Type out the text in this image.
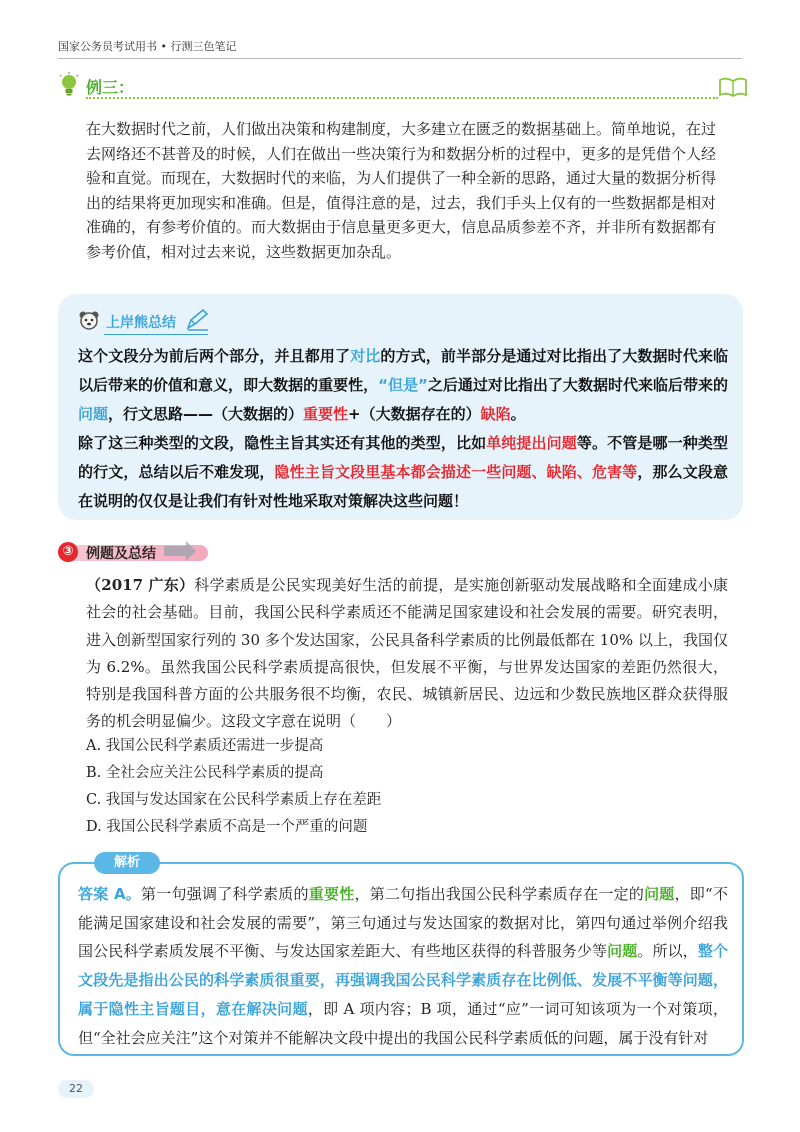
国家公务员考试用书 • 行测三色笔记
例三：
在大数据时代之前，人们做出决策和构建制度，大多建立在匮乏的数据基础上。简单地说，在过去网络还不甚普及的时候，人们在做出一些决策行为和数据分析的过程中，更多的是凭借个人经验和直觉。而现在，大数据时代的来临，为人们提供了一种全新的思路，通过大量的数据分析得出的结果将更加现实和准确。但是，值得注意的是，过去，我们手头上仅有的一些数据都是相对准确的，有参考价值的。而大数据由于信息量更多更大，信息品质参差不齐，并非所有数据都有参考价值，相对过去来说，这些数据更加杂乱。
上岸熊总结
这个文段分为前后两个部分，并且都用了对比的方式，前半部分是通过对比指出了大数据时代来临以后带来的价值和意义，即大数据的重要性，“但是”之后通过对比指出了大数据时代来临后带来的问题，行文思路——（大数据的）重要性+（大数据存在的）缺陷。
除了这三种类型的文段，隐性主旨其实还有其他的类型，比如单纯提出问题等。不管是哪一种类型的行文，总结以后不难发现，隐性主旨文段里基本都会描述一些问题、缺陷、危害等，那么文段意在说明的仅仅是让我们有针对性地采取对策解决这些问题！
③ 例题及总结
（2017 广东）科学素质是公民实现美好生活的前提，是实施创新驱动发展战略和全面建成小康社会的社会基础。目前，我国公民科学素质还不能满足国家建设和社会发展的需要。研究表明，进入创新型国家行列的 30 多个发达国家，公民具备科学素质的比例最低都在 10% 以上，我国仅为 6.2%。虽然我国公民科学素质提高很快，但发展不平衡，与世界发达国家的差距仍然很大，特别是我国科普方面的公共服务很不均衡，农民、城镇新居民、边远和少数民族地区群众获得服务的机会明显偏少。这段文字意在说明（　　）
A. 我国公民科学素质还需进一步提高
B. 全社会应关注公民科学素质的提高
C. 我国与发达国家在公民科学素质上存在差距
D. 我国公民科学素质不高是一个严重的问题
解析
答案 A。第一句强调了科学素质的重要性，第二句指出我国公民科学素质存在一定的问题，即“不能满足国家建设和社会发展的需要”，第三句通过与发达国家的数据对比，第四句通过举例介绍我国公民科学素质发展不平衡、与发达国家差距大、有些地区获得的科普服务少等问题。所以，整个文段先是指出公民的科学素质很重要，再强调我国公民科学素质存在比例低、发展不平衡等问题，属于隐性主旨题目，意在解决问题，即 A 项内容；B 项，通过“应”一词可知该项为一个对策项，但“全社会应关注”这个对策并不能解决文段中提出的我国公民科学素质低的问题，属于没有针对
22
